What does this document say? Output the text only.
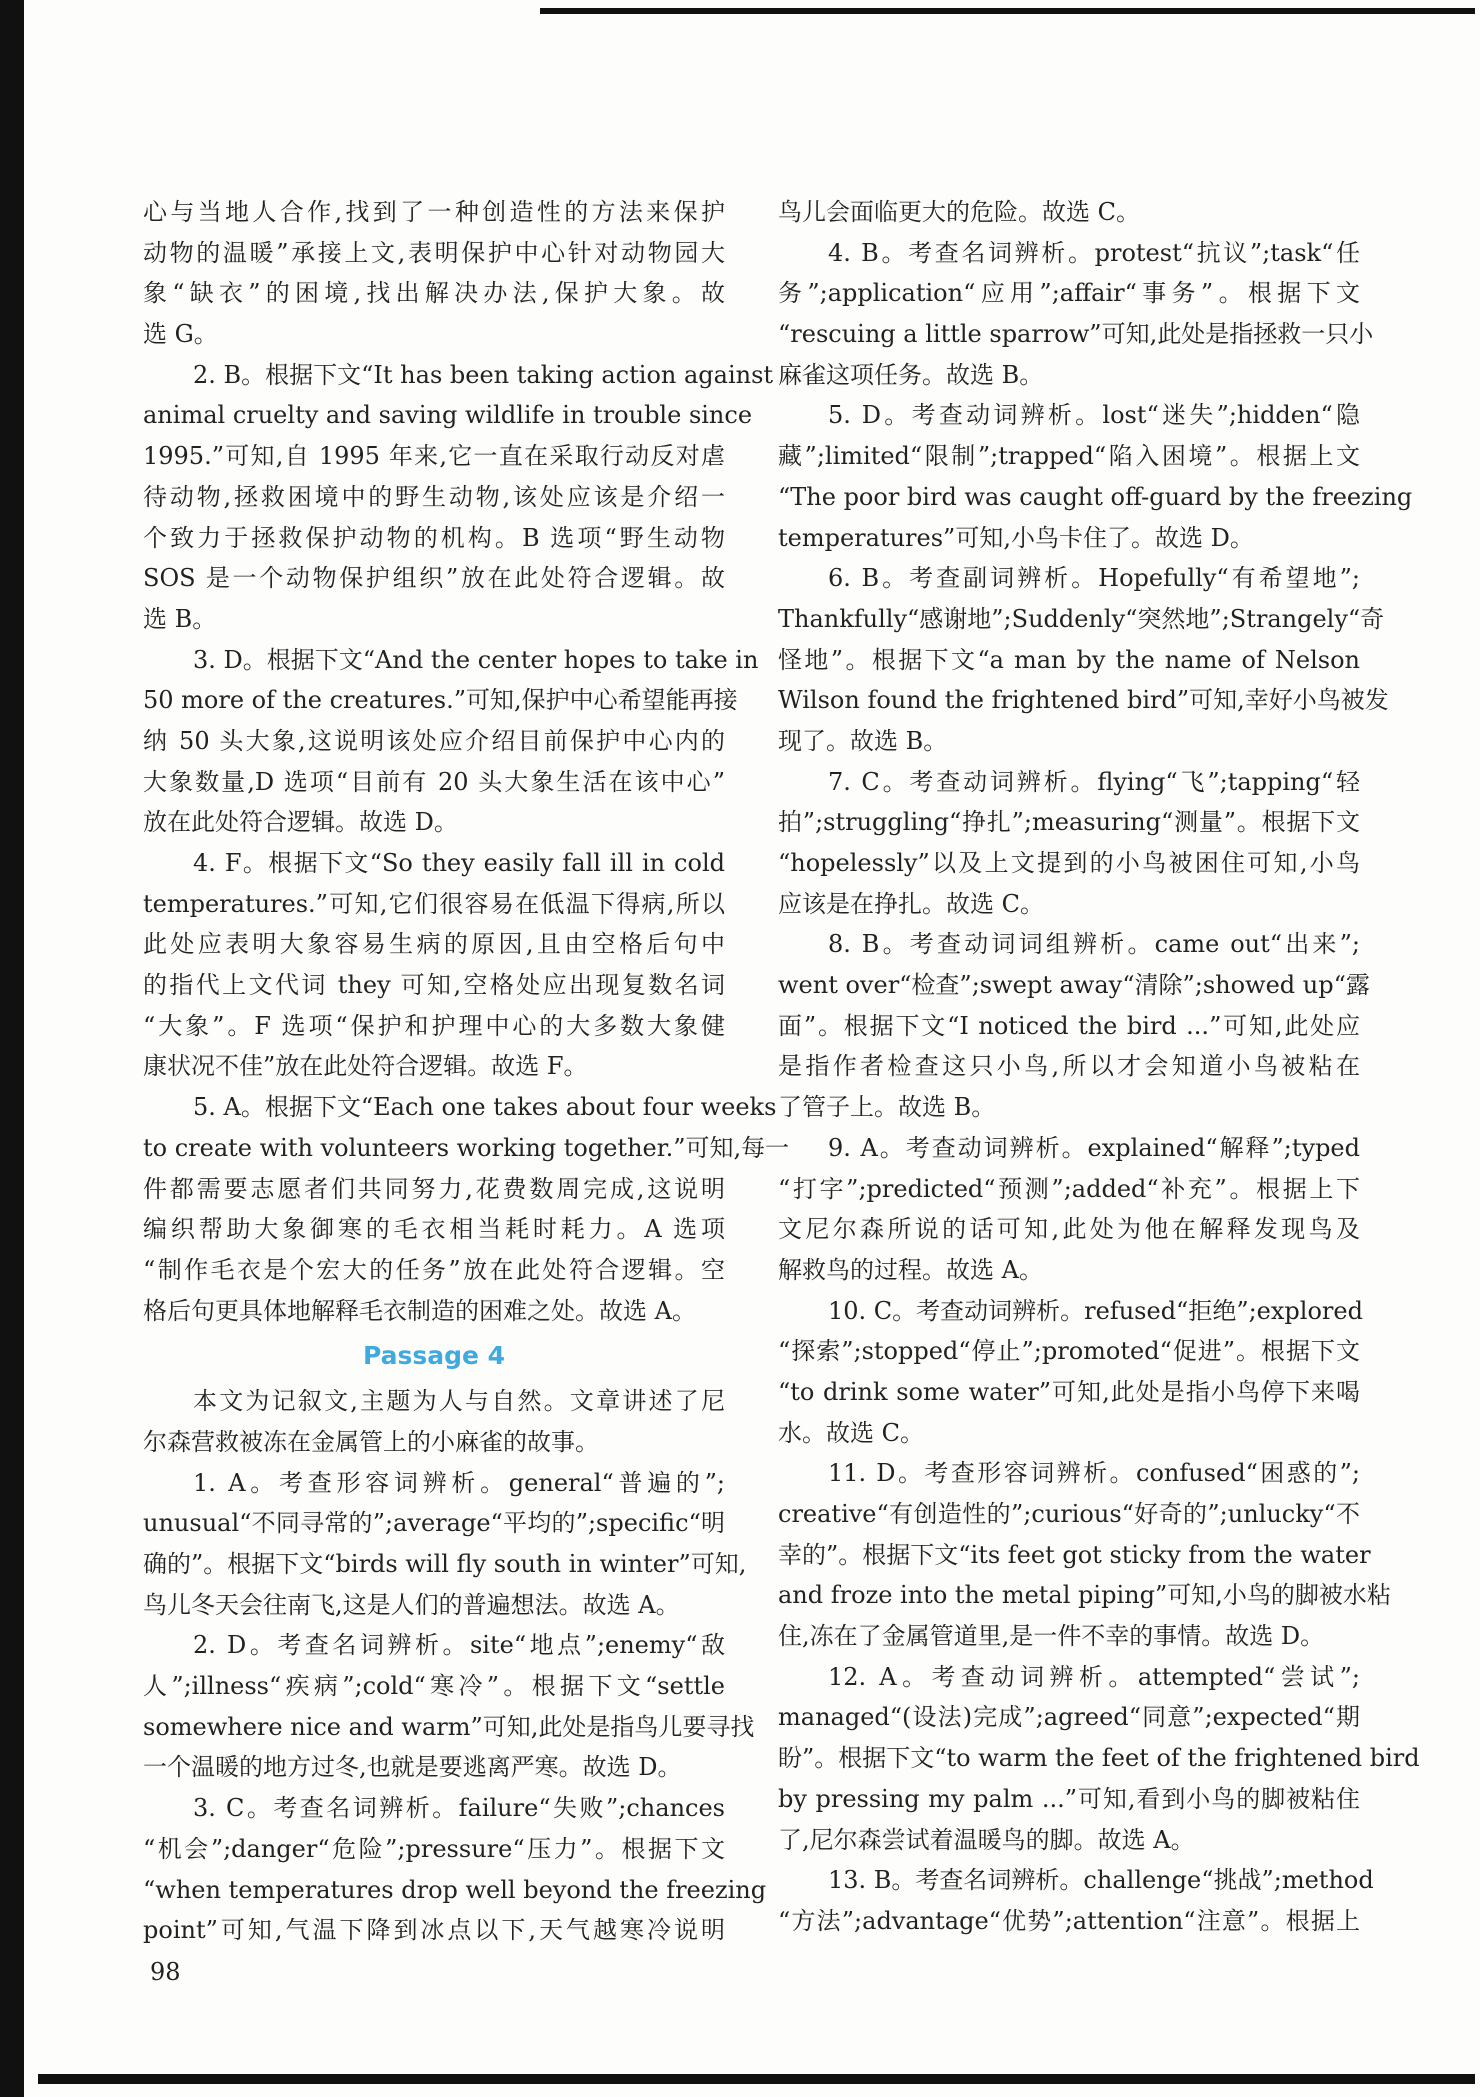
心与当地人合作,找到了一种创造性的方法来保护
动物的温暖”承接上文,表明保护中心针对动物园大
象“缺衣”的困境,找出解决办法,保护大象。故
选 G。
2. B。根据下文“It has been taking action against
animal cruelty and saving wildlife in trouble since
1995.”可知,自 1995 年来,它一直在采取行动反对虐
待动物,拯救困境中的野生动物,该处应该是介绍一
个致力于拯救保护动物的机构。B 选项“野生动物
SOS 是一个动物保护组织”放在此处符合逻辑。故
选 B。
3. D。根据下文“And the center hopes to take in
50 more of the creatures.”可知,保护中心希望能再接
纳 50 头大象,这说明该处应介绍目前保护中心内的
大象数量,D 选项“目前有 20 头大象生活在该中心”
放在此处符合逻辑。故选 D。
4. F。根据下文“So they easily fall ill in cold
temperatures.”可知,它们很容易在低温下得病,所以
此处应表明大象容易生病的原因,且由空格后句中
的指代上文代词 they 可知,空格处应出现复数名词
“大象”。F 选项“保护和护理中心的大多数大象健
康状况不佳”放在此处符合逻辑。故选 F。
5. A。根据下文“Each one takes about four weeks
to create with volunteers working together.”可知,每一
件都需要志愿者们共同努力,花费数周完成,这说明
编织帮助大象御寒的毛衣相当耗时耗力。A 选项
“制作毛衣是个宏大的任务”放在此处符合逻辑。空
格后句更具体地解释毛衣制造的困难之处。故选 A。
Passage 4
本文为记叙文,主题为人与自然。文章讲述了尼
尔森营救被冻在金属管上的小麻雀的故事。
1. A。考查形容词辨析。general“普遍的”;
unusual“不同寻常的”;average“平均的”;specific“明
确的”。根据下文“birds will fly south in winter”可知,
鸟儿冬天会往南飞,这是人们的普遍想法。故选 A。
2. D。考查名词辨析。site“地点”;enemy“敌
人”;illness“疾病”;cold“寒冷”。根据下文“settle
somewhere nice and warm”可知,此处是指鸟儿要寻找
一个温暖的地方过冬,也就是要逃离严寒。故选 D。
3. C。考查名词辨析。failure“失败”;chances
“机会”;danger“危险”;pressure“压力”。根据下文
“when temperatures drop well beyond the freezing
point”可知,气温下降到冰点以下,天气越寒冷说明
鸟儿会面临更大的危险。故选 C。
4. B。考查名词辨析。protest“抗议”;task“任
务”;application“应用”;affair“事务”。根据下文
“rescuing a little sparrow”可知,此处是指拯救一只小
麻雀这项任务。故选 B。
5. D。考查动词辨析。lost“迷失”;hidden“隐
藏”;limited“限制”;trapped“陷入困境”。根据上文
“The poor bird was caught off-guard by the freezing
temperatures”可知,小鸟卡住了。故选 D。
6. B。考查副词辨析。Hopefully“有希望地”;
Thankfully“感谢地”;Suddenly“突然地”;Strangely“奇
怪地”。根据下文“a man by the name of Nelson
Wilson found the frightened bird”可知,幸好小鸟被发
现了。故选 B。
7. C。考查动词辨析。flying“飞”;tapping“轻
拍”;struggling“挣扎”;measuring“测量”。根据下文
“hopelessly”以及上文提到的小鸟被困住可知,小鸟
应该是在挣扎。故选 C。
8. B。考查动词词组辨析。came out“出来”;
went over“检查”;swept away“清除”;showed up“露
面”。根据下文“I noticed the bird ...”可知,此处应
是指作者检查这只小鸟,所以才会知道小鸟被粘在
了管子上。故选 B。
9. A。考查动词辨析。explained“解释”;typed
“打字”;predicted“预测”;added“补充”。根据上下
文尼尔森所说的话可知,此处为他在解释发现鸟及
解救鸟的过程。故选 A。
10. C。考查动词辨析。refused“拒绝”;explored
“探索”;stopped“停止”;promoted“促进”。根据下文
“to drink some water”可知,此处是指小鸟停下来喝
水。故选 C。
11. D。考查形容词辨析。confused“困惑的”;
creative“有创造性的”;curious“好奇的”;unlucky“不
幸的”。根据下文“its feet got sticky from the water
and froze into the metal piping”可知,小鸟的脚被水粘
住,冻在了金属管道里,是一件不幸的事情。故选 D。
12. A。考查动词辨析。attempted“尝试”;
managed“(设法)完成”;agreed“同意”;expected“期
盼”。根据下文“to warm the feet of the frightened bird
by pressing my palm ...”可知,看到小鸟的脚被粘住
了,尼尔森尝试着温暖鸟的脚。故选 A。
13. B。考查名词辨析。challenge“挑战”;method
“方法”;advantage“优势”;attention“注意”。根据上
98
